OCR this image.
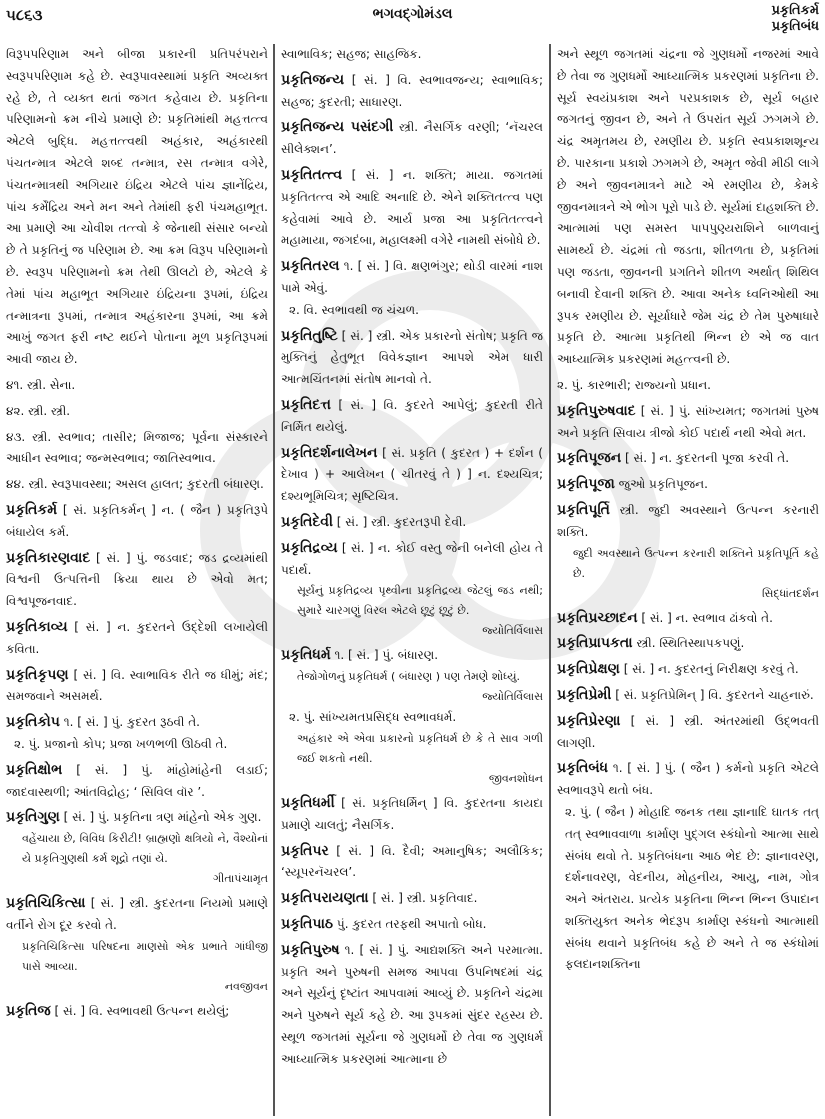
૫૮૬૩	ભગવદ્ગોમંડલ	પ્રકૃતિકર્મ
પ્રકૃતિબંધ

વિરૂપપરિણામ અને બીજા પ્રકારની પ્રતિપરંપરાને સ્વરૂપપરિણામ કહે છે. સ્વરૂપાવસ્થામાં પ્રકૃતિ અવ્યક્ત રહે છે, તે વ્યક્ત થતાં જગત કહેવાય છે. પ્રકૃતિના પરિણામનો ક્રમ નીચે પ્રમાણે છે: પ્રકૃતિમાંથી મહત્તત્ત્વ એટલે બુદ્ધિ. મહત્તત્ત્વથી અહંકાર, અહંકારથી પંચતન્માત્ર એટલે શબ્દ તન્માત્ર, રસ તન્માત્ર વગેરે, પંચતન્માત્રથી અગિયાર ઇંદ્રિય એટલે પાંચ જ્ઞાનેંદ્રિય, પાંચ કર્મેંદ્રિય અને મન અને તેમાંથી ફરી પંચમહાભૂત. આ પ્રમાણે આ ચોવીશ તત્ત્વો કે જેનાથી સંસાર બન્યો છે તે પ્રકૃતિનું જ પરિણામ છે. આ ક્રમ વિરૂપ પરિણામનો છે. સ્વરૂપ પરિણામનો ક્રમ તેથી ઊલટો છે, એટલે કે તેમાં પાંચ મહાભૂત અગિયાર ઇંદ્રિયના રૂપમાં, ઇંદ્રિય તન્માત્રના રૂપમાં, તન્માત્ર અહંકારના રૂપમાં, આ ક્રમે આખું જગત ફરી નષ્ટ થઈને પોતાના મૂળ પ્રકૃતિરૂપમાં આવી જાય છે.

૪૧. સ્ત્રી. સેના.

૪૨. સ્ત્રી. સ્ત્રી.

૪૩. સ્ત્રી. સ્વભાવ; તાસીર; મિજાજ; પૂર્વના સંસ્કારને આધીન સ્વભાવ; જન્મસ્વભાવ; જાતિસ્વભાવ.

૪૪. સ્ત્રી. સ્વરૂપાવસ્થા; અસલ હાલત; કુદરતી બંધારણ.

પ્રકૃતિકર્મ [ સં. પ્રકૃતિકર્મન્ ] ન. ( જૈન ) પ્રકૃતિરૂપે બંધાયેલ કર્મ.

પ્રકૃતિકારણવાદ [ સં. ] પું. જડવાદ; જડ દ્રવ્યમાંથી વિશ્વની ઉત્પત્તિની ક્રિયા થાય છે એવો મત; વિશ્વપૂજનવાદ.

પ્રકૃતિકાવ્ય [ સં. ] ન. કુદરતને ઉદ્દેશી લખાયેલી કવિતા.

પ્રકૃતિકૃપણ [ સં. ] વિ. સ્વાભાવિક રીતે જ ધીમું; મંદ; સમજવાને અસમર્થ.

પ્રકૃતિકોપ ૧. [ સં. ] પું. કુદરત રૂઠવી તે.

૨. પું. પ્રજાનો કોપ; પ્રજા ખળભળી ઊઠવી તે.

પ્રકૃતિક્ષોભ [ સં. ] પું. માંહોમાંહેની લડાઈ; જાદવાસ્થળી; આંતવિદ્રોહ; ‘ સિવિલ વૉર ’.

પ્રકૃતિગુણ [ સં. ] પું. પ્રકૃતિના ત્રણ માંહેનો એક ગુણ.

વહેંચાયા છે, વિવિધ કિરીટી! બ્રાહ્મણો ક્ષત્રિયો ને, વૈશ્યોનાં યે પ્રકૃતિગુણથી કર્મ શૂદ્રો તણાં યે.
ગીતાપંચામૃત

પ્રકૃતિચિકિત્સા [ સં. ] સ્ત્રી. કુદરતના નિયમો પ્રમાણે વર્તીને રોગ દૂર કરવો તે.

પ્રકૃતિચિકિત્સા પરિષદના માણસો એક પ્રભાતે ગાંધીજી પાસે આવ્યા.
નવજીવન

પ્રકૃતિજ [ સં. ] વિ. સ્વભાવથી ઉત્પન્ન થયેલું;

સ્વાભાવિક; સહજ; સાહજિક.

પ્રકૃતિજન્ય [ સં. ] વિ. સ્વભાવજન્ય; સ્વાભાવિક; સહજ; કુદરતી; સાધારણ.

પ્રકૃતિજન્ય પસંદગી સ્ત્રી. નૈસર્ગિક વરણી; ‘નૅચરલ સીલેક્શન’.

પ્રકૃતિતત્ત્વ [ સં. ] ન. શક્તિ; માયા. જગતમાં પ્રકૃતિતત્ત્વ એ આદિ અનાદિ છે. એને શક્તિતત્ત્વ પણ કહેવામાં આવે છે. આર્ય પ્રજા આ પ્રકૃતિતત્ત્વને મહામાયા, જગદંબા, મહાલક્ષ્મી વગેરે નામથી સંબોધે છે.

પ્રકૃતિતરલ ૧. [ સં. ] વિ. ક્ષણભંગુર; થોડી વારમાં નાશ પામે એવું.

૨. વિ. સ્વભાવથી જ ચંચળ.

પ્રકૃતિતુષ્ટિ [ સં. ] સ્ત્રી. એક પ્રકારનો સંતોષ; પ્રકૃતિ જ મુક્તિનું હેતુભૂત વિવેકજ્ઞાન આપશે એમ ધારી આત્મચિંતનમાં સંતોષ માનવો તે.

પ્રકૃતિદત્ત [ સં. ] વિ. કુદરતે આપેલું; કુદરતી રીતે નિર્મિત થયેલું.

પ્રકૃતિદર્શનાલેખન [ સં. પ્રકૃતિ ( કુદરત ) + દર્શન ( દેખાવ ) + આલેખન ( ચીતરવું તે ) ] ન. દશ્યચિત્ર; દશ્યભૂમિચિત્ર; સૃષ્ટિચિત્ર.

પ્રકૃતિદેવી [ સં. ] સ્ત્રી. કુદરતરૂપી દેવી.

પ્રકૃતિદ્રવ્ય [ સં. ] ન. કોઈ વસ્તુ જેની બનેલી હોય તે પદાર્થ.

સૂર્યનું પ્રકૃતિદ્રવ્ય પૃથ્વીના પ્રકૃતિદ્રવ્ય જેટલું જડ નથી; સુમારે ચારગણું વિરલ એટલે છૂટું છૂટું છે.
જ્યોતિર્વિલાસ

પ્રકૃતિધર્મ ૧. [ સં. ] પું. બંધારણ.

તેજોગોળનું પ્રકૃતિધર્મ ( બંધારણ ) પણ તેમણે શોધ્યું.
જ્યોતિર્વિલાસ

૨. પું. સાંખ્યમતપ્રસિદ્ધ સ્વભાવધર્મ.

અહંકાર એ એવા પ્રકારનો પ્રકૃતિધર્મ છે કે તે સાવ ગળી જઈ શકતો નથી.
જીવનશોધન

પ્રકૃતિધર્મી [ સં. પ્રકૃતિધર્મિન્ ] વિ. કુદરતના કાયદા પ્રમાણે ચાલતું; નૈસર્ગિક.

પ્રકૃતિપર [ સં. ] વિ. દૈવી; અમાનુષિક; અલૌકિક; ‘સ્યૂપરનૅચરલ’.

પ્રકૃતિપરાયણતા [ સં. ] સ્ત્રી. પ્રકૃતિવાદ.

પ્રકૃતિપાઠ પું. કુદરત તરફથી અપાતો બોધ.

પ્રકૃતિપુરુષ ૧. [ સં. ] પું. આદ્યશક્તિ અને પરમાત્મા. પ્રકૃતિ અને પુરુષની સમજ આપવા ઉપનિષદમાં ચંદ્ર અને સૂર્યનું દૃષ્ટાંત આપવામાં આવ્યું છે. પ્રકૃતિને ચંદ્રમા અને પુરુષને સૂર્ય કહે છે. આ રૂપકમાં સુંદર રહસ્ય છે. સ્થૂળ જગતમાં સૂર્યના જે ગુણધર્મો છે તેવા જ ગુણધર્મ આધ્યાત્મિક પ્રકરણમાં આત્માના છે

અને સ્થૂળ જગતમાં ચંદ્રના જે ગુણધર્મો નજરમાં આવે છે તેવા જ ગુણધર્મો આધ્યાત્મિક પ્રકરણમાં પ્રકૃતિના છે. સૂર્ય સ્વયંપ્રકાશ અને પરપ્રકાશક છે, સૂર્ય બહાર જગતનું જીવન છે, અને તે ઉપરાંત સૂર્ય ઝગમગે છે. ચંદ્ર અમૃતમય છે, રમણીય છે. પ્રકૃતિ સ્વપ્રકાશશૂન્ય છે. પારકાના પ્રકાશે ઝગમગે છે, અમૃત જેવી મીઠી લાગે છે અને જીવનમાત્રને માટે એ રમણીય છે, કેમકે જીવનમાત્રને એ ભોગ પૂરો પાડે છે. સૂર્યમાં દાહશક્તિ છે. આત્મામાં પણ સમસ્ત પાપપુણ્યરાશિને બાળવાનું સામર્થ્ય છે. ચંદ્રમાં તો જડતા, શીતળતા છે, પ્રકૃતિમાં પણ જડતા, જીવનની પ્રગતિને શીતળ અર્થાત્ શિથિલ બનાવી દેવાની શક્તિ છે. આવા અનેક ધ્વનિઓથી આ રૂપક રમણીય છે. સૂર્યાધારે જેમ ચંદ્ર છે તેમ પુરુષાધારે પ્રકૃતિ છે. આત્મા પ્રકૃતિથી ભિન્ન છે એ જ વાત આધ્યાત્મિક પ્રકરણમાં મહત્ત્વની છે.

૨. પું. કારભારી; રાજ્યનો પ્રધાન.

પ્રકૃતિપુરુષવાદ [ સં. ] પું. સાંખ્યમત; જગતમાં પુરુષ અને પ્રકૃતિ સિવાય ત્રીજો કોઈ પદાર્થ નથી એવો મત.

પ્રકૃતિપૂજન [ સં. ] ન. કુદરતની પૂજા કરવી તે.

પ્રકૃતિપૂજા જુઓ પ્રકૃતિપૂજન.

પ્રકૃતિપૂર્તિ સ્ત્રી. જુદી અવસ્થાને ઉત્પન્ન કરનારી શક્તિ.

જુદી અવસ્થાને ઉત્પન્ન કરનારી શક્તિને પ્રકૃતિપૂર્તિ કહે છે.
સિદ્ધાંતદર્શન

પ્રકૃતિપ્રચ્છાદન [ સં. ] ન. સ્વભાવ ઢાંકવો તે.

પ્રકૃતિપ્રાપકતા સ્ત્રી. સ્થિતિસ્થાપકપણું.

પ્રકૃતિપ્રેક્ષણ [ સં. ] ન. કુદરતનું નિરીક્ષણ કરવું તે.

પ્રકૃતિપ્રેમી [ સં. પ્રકૃતિપ્રેમિન્ ] વિ. કુદરતને ચાહનારું.

પ્રકૃતિપ્રેરણા [ સં. ] સ્ત્રી. અંતરમાંથી ઉદ્ભવતી લાગણી.

પ્રકૃતિબંધ ૧. [ સં. ] પું. ( જૈન ) કર્મનો પ્રકૃતિ એટલે સ્વભાવરૂપે થતો બંધ.

૨. પું. ( જૈન ) મોહાદિ જનક તથા જ્ઞાનાદિ ઘાતક તત્ તત્ સ્વભાવવાળા કાર્માણ પુદ્ગલ સ્કંધોનો આત્મા સાથે સંબંધ થવો તે. પ્રકૃતિબંધના આઠ ભેદ છે: જ્ઞાનાવરણ, દર્શનાવરણ, વેદનીય, મોહનીય, આયુ, નામ, ગોત્ર અને અંતરાય. પ્રત્યેક પ્રકૃતિના ભિન્ન ભિન્ન ઉપાદાન શક્તિયુક્ત અનેક ભેદરૂપ કાર્માણ સ્કંધનો આત્માથી સંબંધ થવાને પ્રકૃતિબંધ કહે છે અને તે જ સ્કંધોમાં ફલદાનશક્તિના
